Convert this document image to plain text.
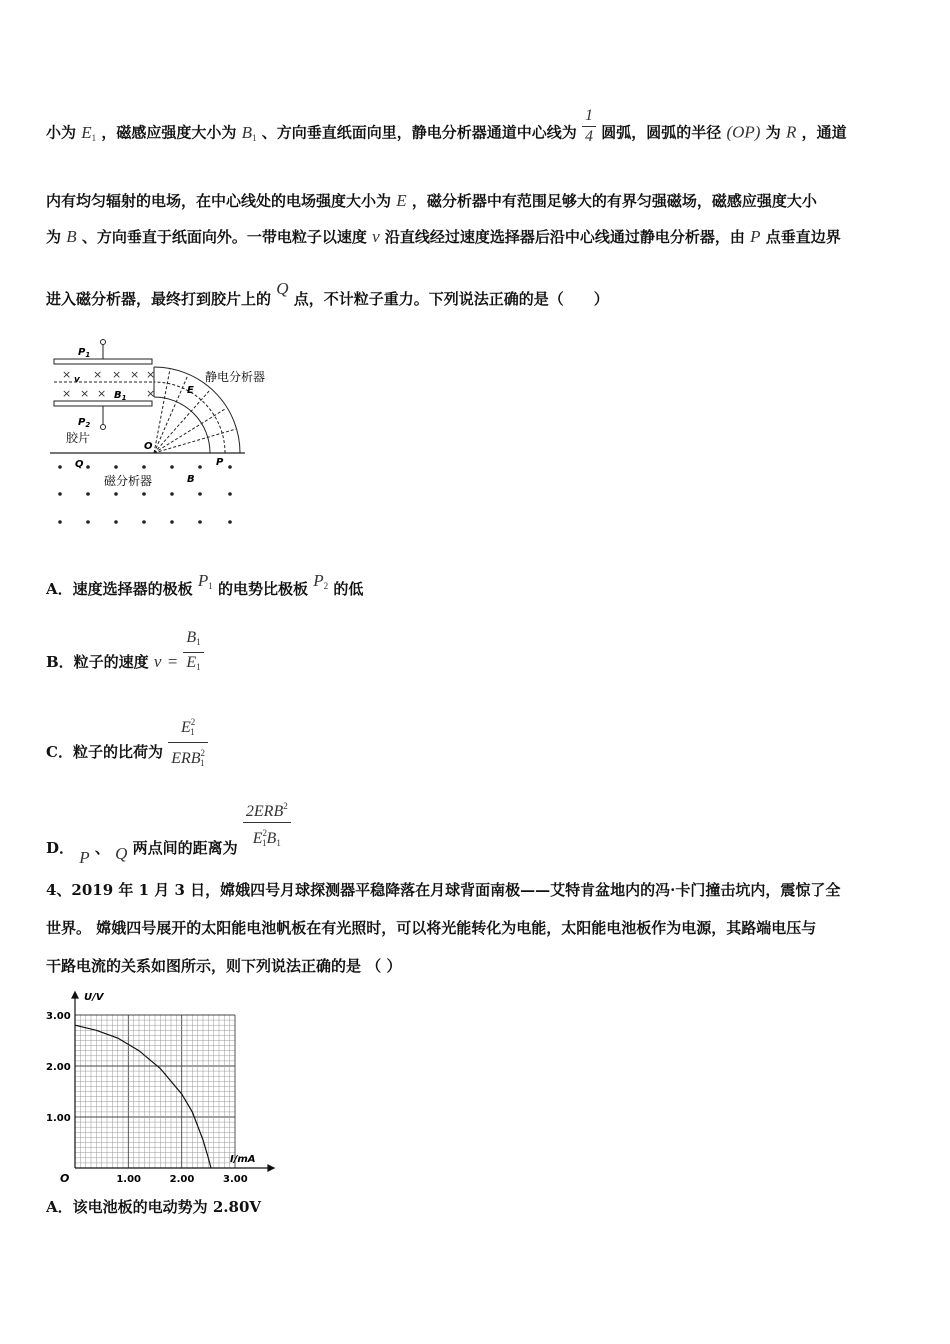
小为 $E_1$ ，磁感应强度大小为 $B_1$ 、方向垂直纸面向里，静电分析器通道中心线为 $\frac{1}{4}$ 圆弧，圆弧的半径 (OP) 为 R ，通道
内有均匀辐射的电场，在中心线处的电场强度大小为 E ，磁分析器中有范围足够大的有界匀强磁场，磁感应强度大小
为 B 、方向垂直于纸面向外。一带电粒子以速度 v 沿直线经过速度选择器后沿中心线通过静电分析器，由 P 点垂直边界
进入磁分析器，最终打到胶片上的 Q 点，不计粒子重力。下列说法正确的是（　　）
$P_1$
$P_2$
× × × × ×
× × ×	×
v
$B_1$
胶片
静电分析器
E
O
Q	P
磁分析器	B
A．速度选择器的极板 $P_1$ 的电势比极板 $P_2$ 的低
B．粒子的速度 $v = \frac{B_1}{E_1}$
C．粒子的比荷为 $\frac{E^2_1}{ERB^2_1}$
D． P 、 Q 两点间的距离为 $\frac{2ERB^2}{E^2_1B_1}$
4、2019 年 1 月 3 日，嫦娥四号月球探测器平稳降落在月球背面南极——艾特肯盆地内的冯·卡门撞击坑内，震惊了全
世界。 嫦娥四号展开的太阳能电池帆板在有光照时，可以将光能转化为电能，太阳能电池板作为电源，其路端电压与
干路电流的关系如图所示，则下列说法正确的是 （ ）
U/V
I/mA
O	1.00	2.00	3.00
1.00
2.00
3.00
A．该电池板的电动势为 2.80V
